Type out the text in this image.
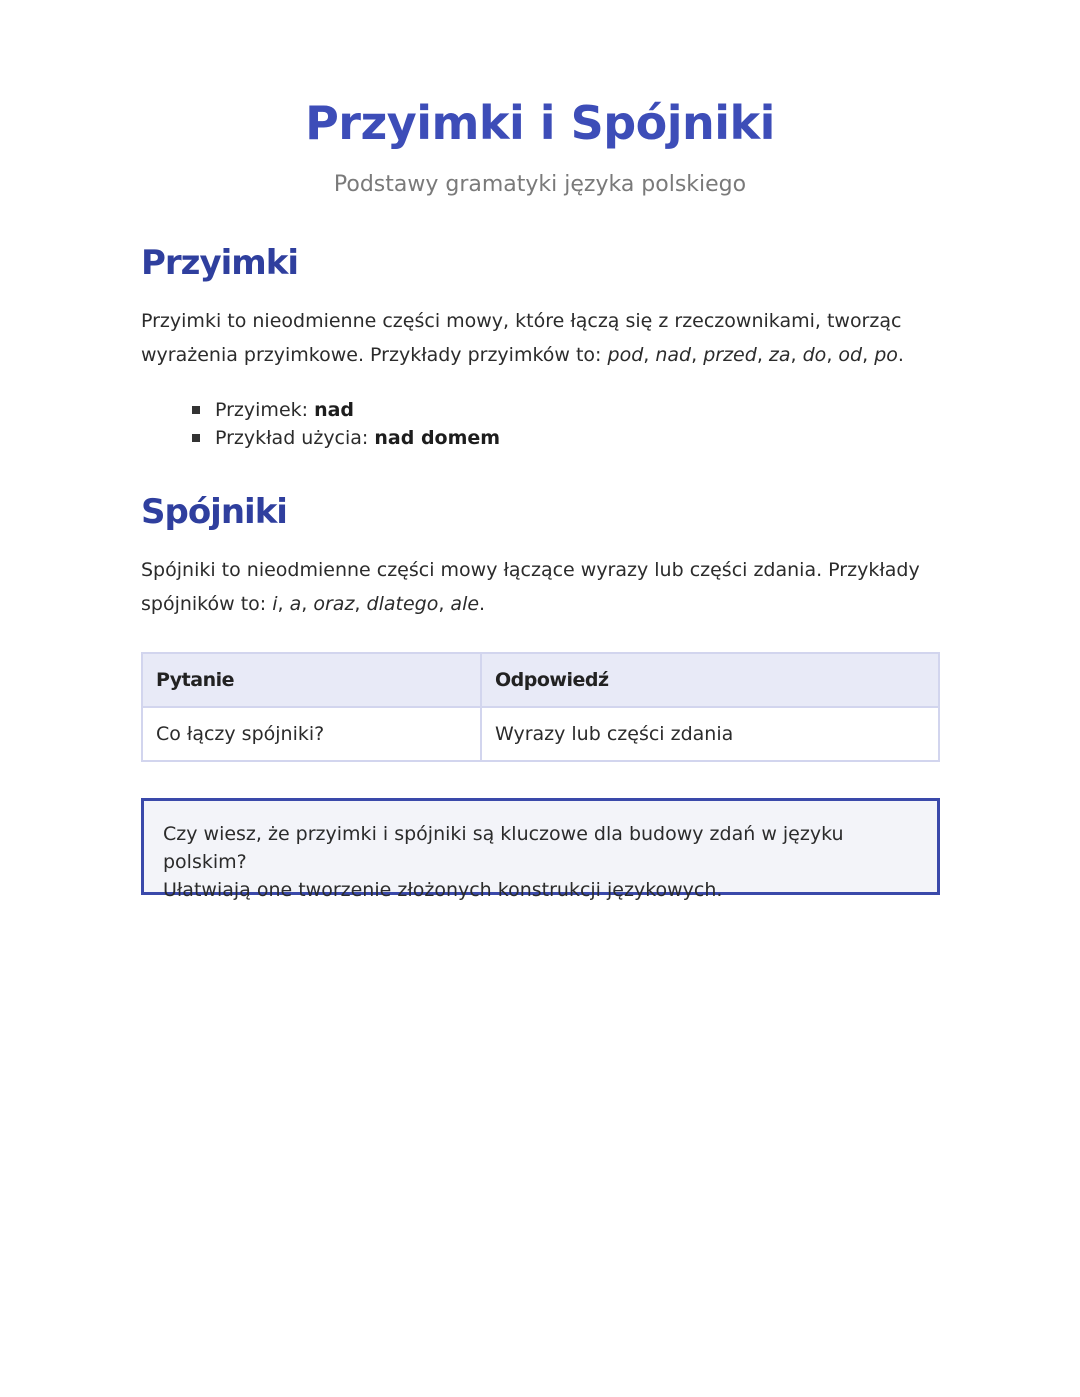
Przyimki i Spójniki
Podstawy gramatyki języka polskiego
Przyimki
Przyimki to nieodmienne części mowy, które łączą się z rzeczownikami, tworząc
wyrażenia przyimkowe. Przykłady przyimków to: pod, nad, przed, za, do, od, po.
Przyimek: nad
Przykład użycia: nad domem
Spójniki
Spójniki to nieodmienne części mowy łączące wyrazy lub części zdania. Przykłady
spójników to: i, a, oraz, dlatego, ale.
Pytanie	Odpowiedź
Co łączy spójniki?	Wyrazy lub części zdania
Czy wiesz, że przyimki i spójniki są kluczowe dla budowy zdań w języku polskim?
Ułatwiają one tworzenie złożonych konstrukcji językowych.
